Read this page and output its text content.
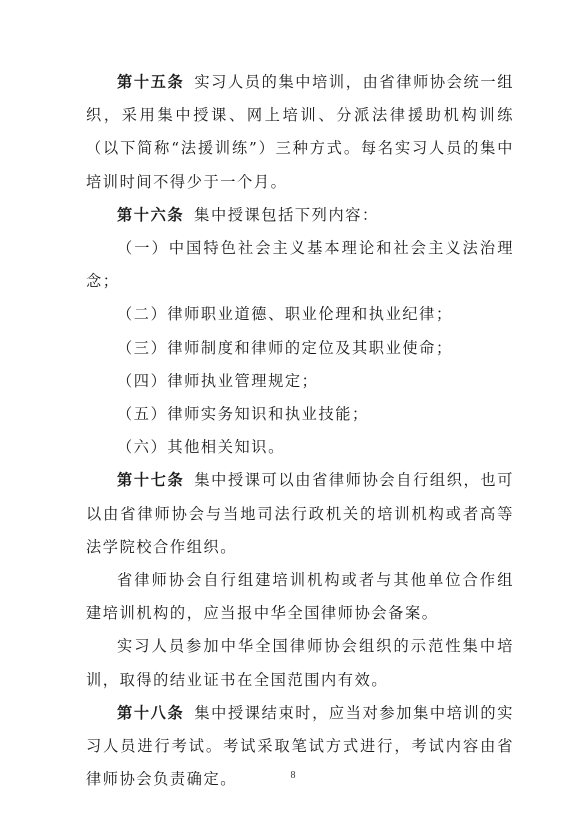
第十五条 实习人员的集中培训，由省律师协会统一组织，采用集中授课、网上培训、分派法律援助机构训练（以下简称“法援训练”）三种方式。每名实习人员的集中培训时间不得少于一个月。

第十六条 集中授课包括下列内容：

（一）中国特色社会主义基本理论和社会主义法治理念；

（二）律师职业道德、职业伦理和执业纪律；

（三）律师制度和律师的定位及其职业使命；

（四）律师执业管理规定；

（五）律师实务知识和执业技能；

（六）其他相关知识。

第十七条 集中授课可以由省律师协会自行组织，也可以由省律师协会与当地司法行政机关的培训机构或者高等法学院校合作组织。

省律师协会自行组建培训机构或者与其他单位合作组建培训机构的，应当报中华全国律师协会备案。

实习人员参加中华全国律师协会组织的示范性集中培训，取得的结业证书在全国范围内有效。

第十八条 集中授课结束时，应当对参加集中培训的实习人员进行考试。考试采取笔试方式进行，考试内容由省律师协会负责确定。	8
